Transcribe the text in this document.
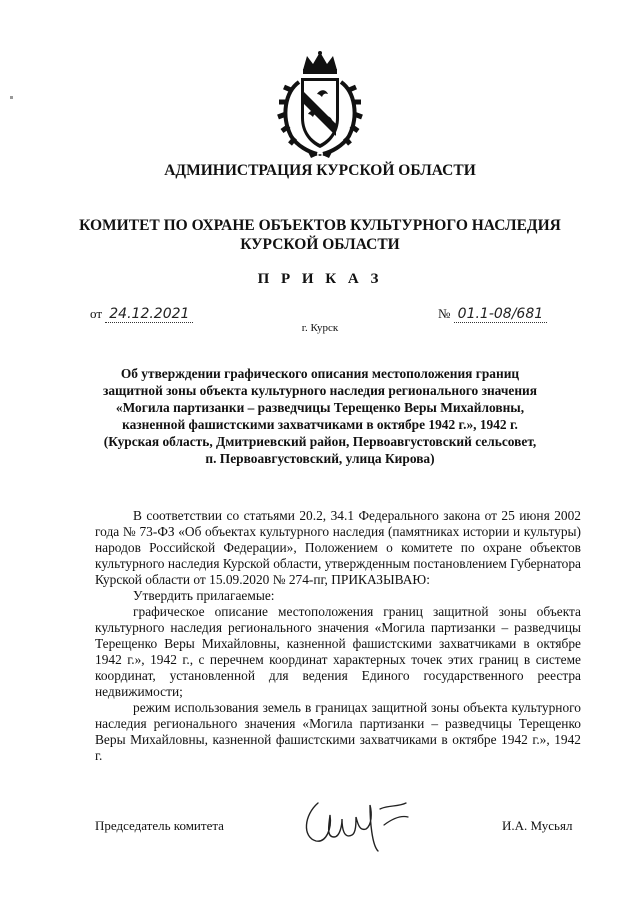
АДМИНИСТРАЦИЯ КУРСКОЙ ОБЛАСТИ
КОМИТЕТ ПО ОХРАНЕ ОБЪЕКТОВ КУЛЬТУРНОГО НАСЛЕДИЯ
КУРСКОЙ ОБЛАСТИ
П Р И К А З
от 24.12.2021	№ 01.1-08/681
г. Курск
Об утверждении графического описания местоположения границ
защитной зоны объекта культурного наследия регионального значения
«Могила партизанки – разведчицы Терещенко Веры Михайловны,
казненной фашистскими захватчиками в октябре 1942 г.», 1942 г.
(Курская область, Дмитриевский район, Первоавгустовский сельсовет,
п. Первоавгустовский, улица Кирова)

В соответствии со статьями 20.2, 34.1 Федерального закона от 25 июня 2002 года № 73-ФЗ «Об объектах культурного наследия (памятниках истории и культуры) народов Российской Федерации», Положением о комитете по охране объектов культурного наследия Курской области, утвержденным постановлением Губернатора Курской области от 15.09.2020 № 274-пг, ПРИКАЗЫВАЮ:

Утвердить прилагаемые:

графическое описание местоположения границ защитной зоны объекта культурного наследия регионального значения «Могила партизанки – разведчицы Терещенко Веры Михайловны, казненной фашистскими захватчиками в октябре 1942 г.», 1942 г., с перечнем координат характерных точек этих границ в системе координат, установленной для ведения Единого государственного реестра недвижимости;

режим использования земель в границах защитной зоны объекта культурного наследия регионального значения «Могила партизанки – разведчицы Терещенко Веры Михайловны, казненной фашистскими захватчиками в октябре 1942 г.», 1942 г.

Председатель комитета	И.А. Мусьял
